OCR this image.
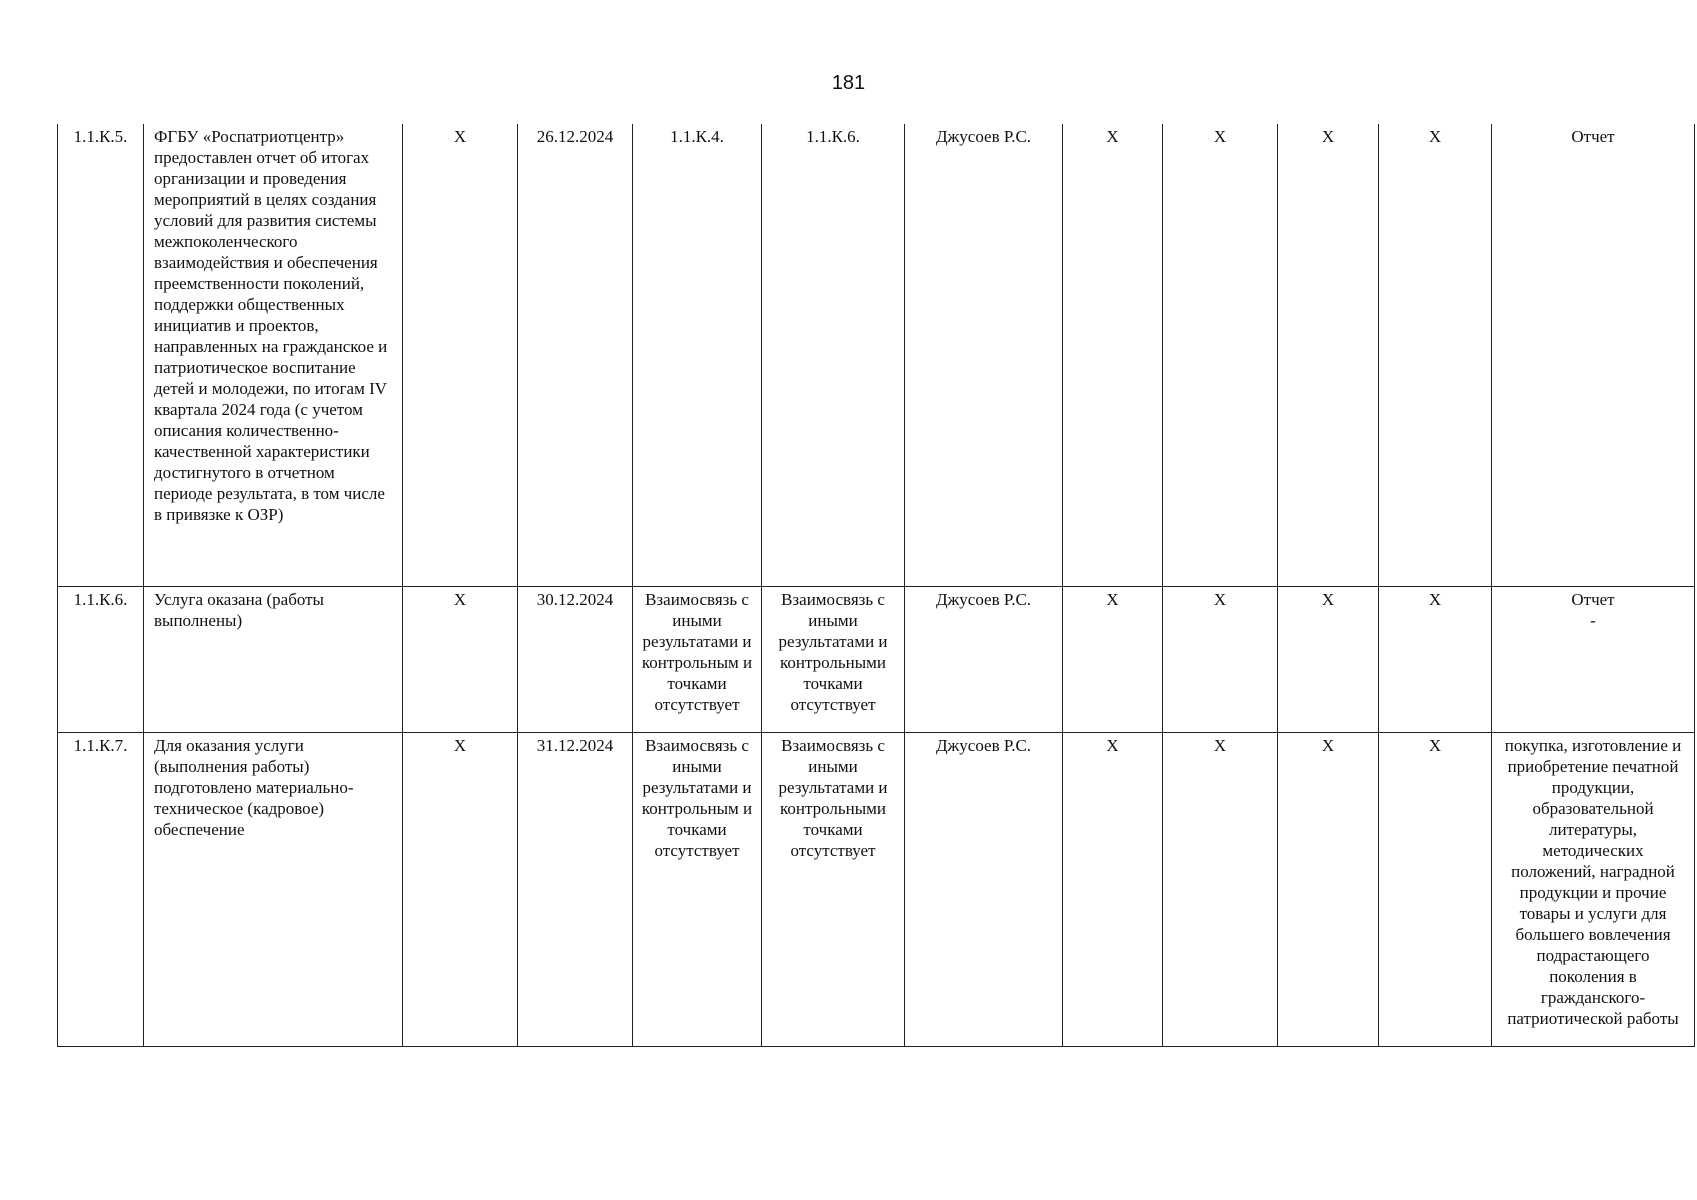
181
1.1.К.5.	ФГБУ «Роспатриотцентр» предоставлен отчет об итогах организации и проведения мероприятий в целях создания условий для развития системы межпоколенческого взаимодействия и обеспечения преемственности поколений, поддержки общественных инициатив и проектов, направленных на гражданское и патриотическое воспитание детей и молодежи, по итогам IV квартала 2024 года (с учетом описания количественно-качественной характеристики достигнутого в отчетном периоде результата, в том числе в привязке к ОЗР)	Х	26.12.2024	1.1.К.4.	1.1.К.6.	Джусоев Р.С.	Х	Х	Х	Х	Отчет
1.1.К.6.	Услуга оказана (работы выполнены)	Х	30.12.2024	Взаимосвязь с иными результатами и контрольным и точками отсутствует	Взаимосвязь с иными результатами и контрольными точками отсутствует	Джусоев Р.С.	Х	Х	Х	Х	Отчет
-

1.1.К.7.	Для оказания услуги (выполнения работы) подготовлено материально-техническое (кадровое) обеспечение	Х	31.12.2024	Взаимосвязь с иными результатами и контрольным и точками отсутствует	Взаимосвязь с иными результатами и контрольными точками отсутствует	Джусоев Р.С.	Х	Х	Х	Х	покупка, изготовление и приобретение печатной продукции, образовательной литературы, методических положений, наградной продукции и прочие товары и услуги для большего вовлечения подрастающего поколения в гражданского-патриотической работы
